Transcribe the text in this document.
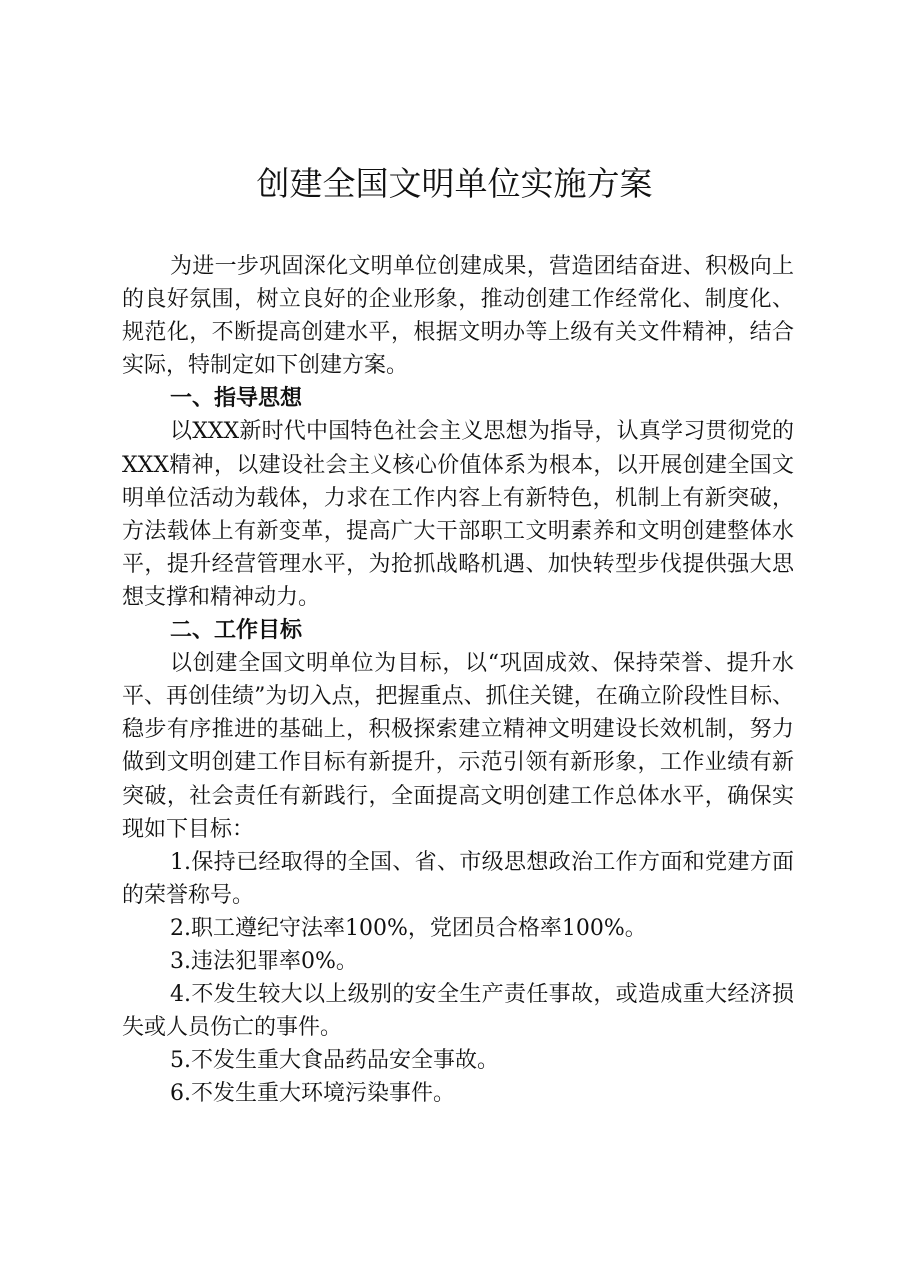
创建全国文明单位实施方案

为进一步巩固深化文明单位创建成果，营造团结奋进、积极向上的良好氛围，树立良好的企业形象，推动创建工作经常化、制度化、规范化，不断提高创建水平，根据文明办等上级有关文件精神，结合实际，特制定如下创建方案。

一、指导思想

以XXX新时代中国特色社会主义思想为指导，认真学习贯彻党的XXX精神，以建设社会主义核心价值体系为根本，以开展创建全国文明单位活动为载体，力求在工作内容上有新特色，机制上有新突破，方法载体上有新变革，提高广大干部职工文明素养和文明创建整体水平，提升经营管理水平，为抢抓战略机遇、加快转型步伐提供强大思想支撑和精神动力。

二、工作目标

以创建全国文明单位为目标，以“巩固成效、保持荣誉、提升水平、再创佳绩”为切入点，把握重点、抓住关键，在确立阶段性目标、稳步有序推进的基础上，积极探索建立精神文明建设长效机制，努力做到文明创建工作目标有新提升，示范引领有新形象，工作业绩有新突破，社会责任有新践行，全面提高文明创建工作总体水平，确保实现如下目标：

1.保持已经取得的全国、省、市级思想政治工作方面和党建方面的荣誉称号。

2.职工遵纪守法率100%，党团员合格率100%。

3.违法犯罪率0%。

4.不发生较大以上级别的安全生产责任事故，或造成重大经济损失或人员伤亡的事件。

5.不发生重大食品药品安全事故。

6.不发生重大环境污染事件。
